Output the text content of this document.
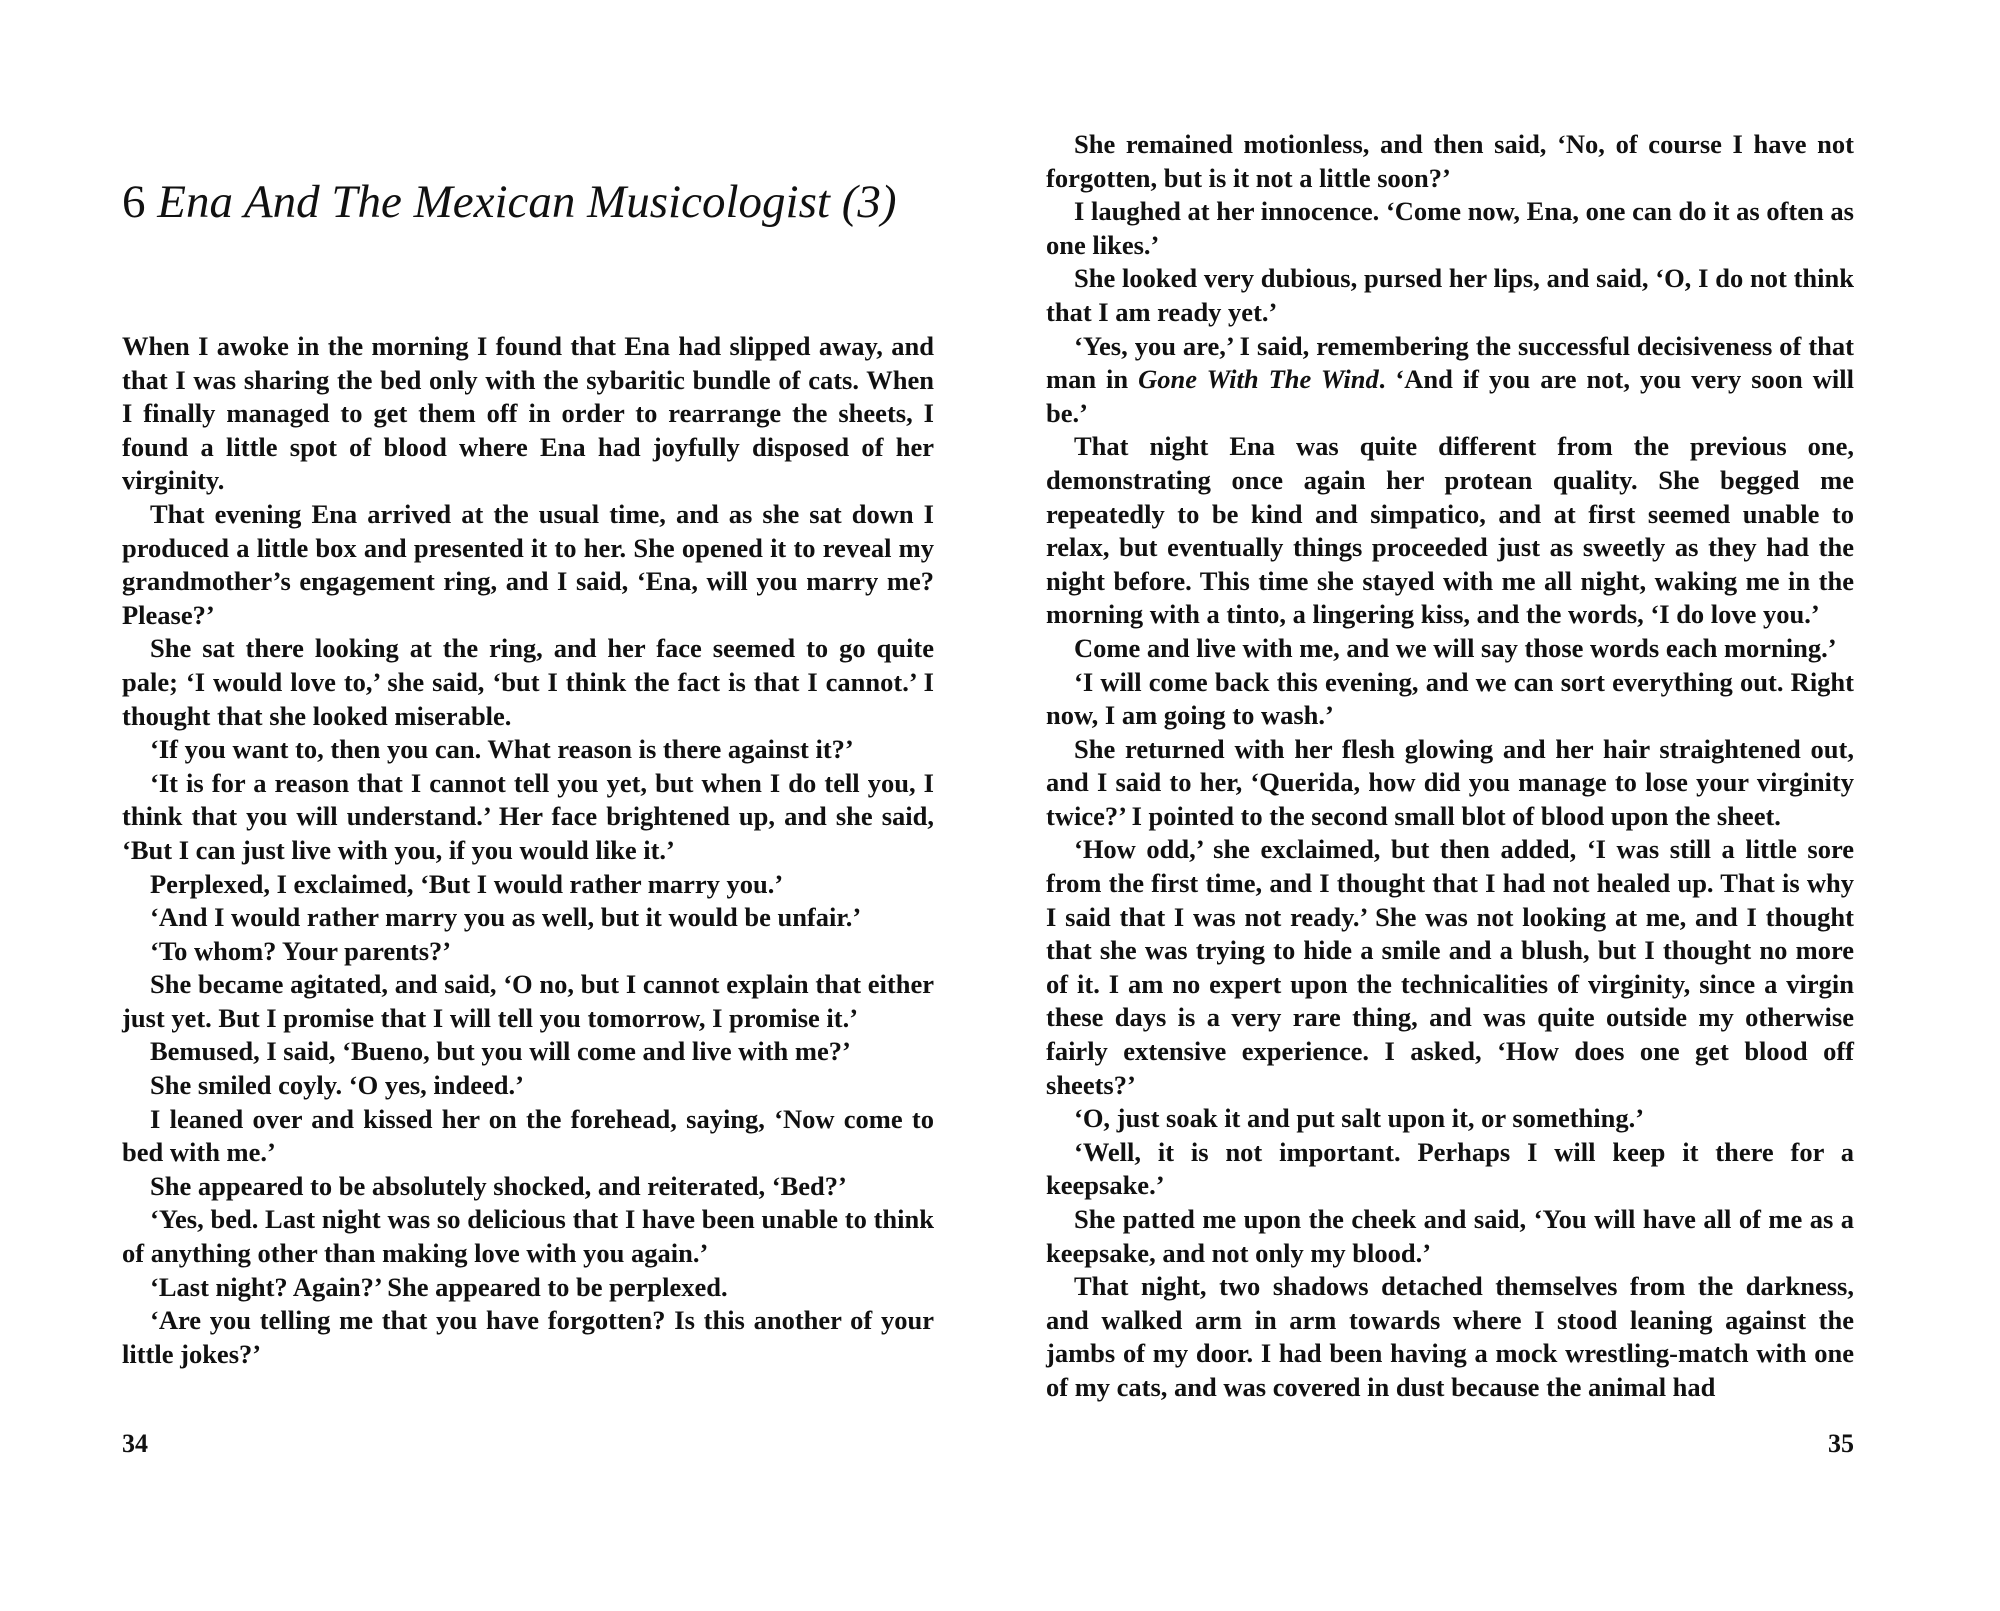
6 Ena And The Mexican Musicologist (3)

When I awoke in the morning I found that Ena had slipped away, and that I was sharing the bed only with the sybaritic bundle of cats. When I finally managed to get them off in order to rearrange the sheets, I found a little spot of blood where Ena had joyfully disposed of her virginity.

That evening Ena arrived at the usual time, and as she sat down I produced a little box and presented it to her. She opened it to reveal my grandmother’s engagement ring, and I said, ‘Ena, will you marry me? Please?’

She sat there looking at the ring, and her face seemed to go quite pale; ‘I would love to,’ she said, ‘but I think the fact is that I cannot.’ I thought that she looked miserable.

‘If you want to, then you can. What reason is there against it?’

‘It is for a reason that I cannot tell you yet, but when I do tell you, I think that you will understand.’ Her face brightened up, and she said, ‘But I can just live with you, if you would like it.’

Perplexed, I exclaimed, ‘But I would rather marry you.’

‘And I would rather marry you as well, but it would be unfair.’

‘To whom? Your parents?’

She became agitated, and said, ‘O no, but I cannot explain that either just yet. But I promise that I will tell you tomorrow, I promise it.’

Bemused, I said, ‘Bueno, but you will come and live with me?’

She smiled coyly. ‘O yes, indeed.’

I leaned over and kissed her on the forehead, saying, ‘Now come to bed with me.’

She appeared to be absolutely shocked, and reiterated, ‘Bed?’

‘Yes, bed. Last night was so delicious that I have been unable to think of anything other than making love with you again.’

‘Last night? Again?’ She appeared to be perplexed.

‘Are you telling me that you have forgotten? Is this another of your little jokes?’

34

She remained motionless, and then said, ‘No, of course I have not forgotten, but is it not a little soon?’

I laughed at her innocence. ‘Come now, Ena, one can do it as often as one likes.’

She looked very dubious, pursed her lips, and said, ‘O, I do not think that I am ready yet.’

‘Yes, you are,’ I said, remembering the successful decisiveness of that man in Gone With The Wind. ‘And if you are not, you very soon will be.’

That night Ena was quite different from the previous one, demonstrating once again her protean quality. She begged me repeatedly to be kind and simpatico, and at first seemed unable to relax, but eventually things proceeded just as sweetly as they had the night before. This time she stayed with me all night, waking me in the morning with a tinto, a lingering kiss, and the words, ‘I do love you.’

Come and live with me, and we will say those words each morning.’

‘I will come back this evening, and we can sort everything out. Right now, I am going to wash.’

She returned with her flesh glowing and her hair straightened out, and I said to her, ‘Querida, how did you manage to lose your virginity twice?’ I pointed to the second small blot of blood upon the sheet.

‘How odd,’ she exclaimed, but then added, ‘I was still a little sore from the first time, and I thought that I had not healed up. That is why I said that I was not ready.’ She was not looking at me, and I thought that she was trying to hide a smile and a blush, but I thought no more of it. I am no expert upon the technicalities of virginity, since a virgin these days is a very rare thing, and was quite outside my otherwise fairly extensive experience. I asked, ‘How does one get blood off sheets?’

‘O, just soak it and put salt upon it, or something.’

‘Well, it is not important. Perhaps I will keep it there for a keepsake.’

She patted me upon the cheek and said, ‘You will have all of me as a keepsake, and not only my blood.’

That night, two shadows detached themselves from the darkness, and walked arm in arm towards where I stood leaning against the jambs of my door. I had been having a mock wrestling-match with one of my cats, and was covered in dust because the animal had

35
